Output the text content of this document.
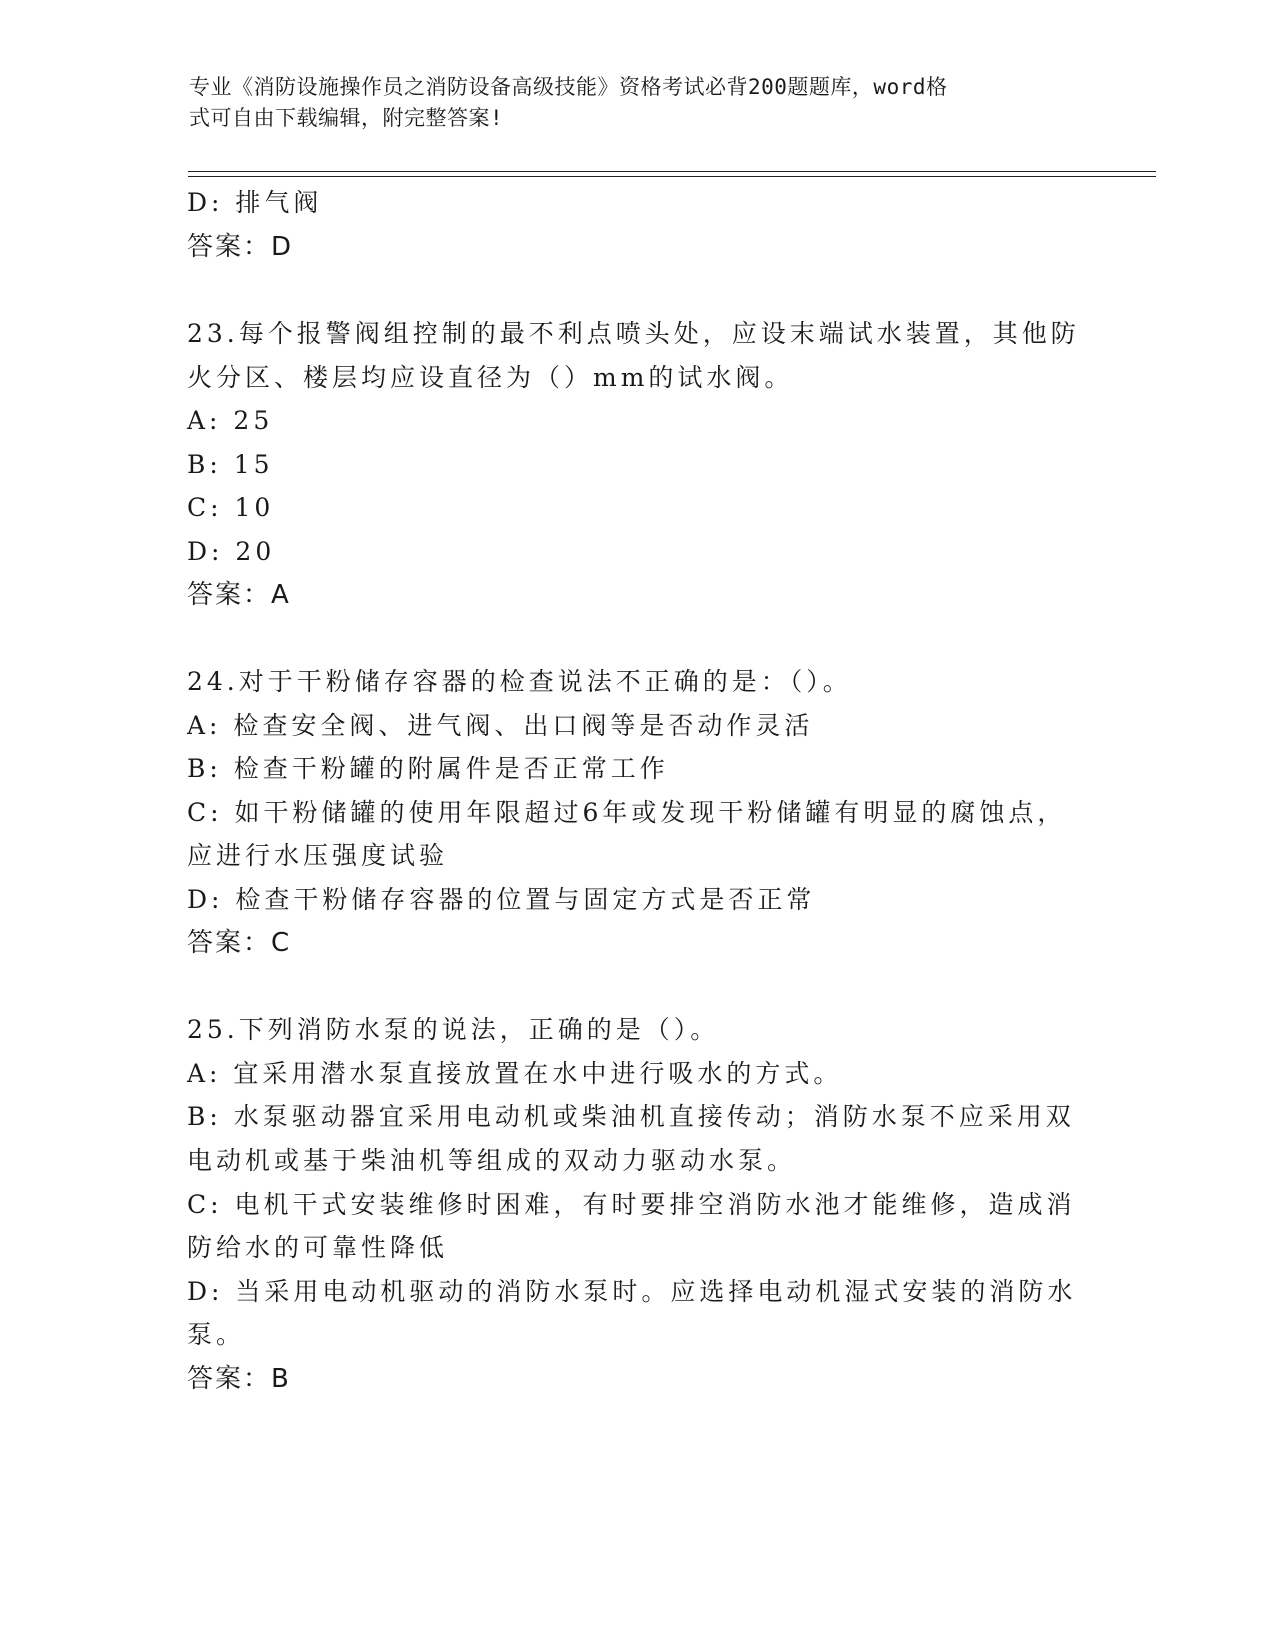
专业《消防设施操作员之消防设备高级技能》资格考试必背200题题库，word格
式可自由下载编辑，附完整答案!
D: 排气阀
答案：D
23.每个报警阀组控制的最不利点喷头处，应设末端试水装置，其他防
火分区、楼层均应设直径为（）mm的试水阀。
A: 25
B: 15
C: 10
D: 20
答案：A
24.对于干粉储存容器的检查说法不正确的是：（）。
A: 检查安全阀、进气阀、出口阀等是否动作灵活
B: 检查干粉罐的附属件是否正常工作
C: 如干粉储罐的使用年限超过6年或发现干粉储罐有明显的腐蚀点，
应进行水压强度试验
D: 检查干粉储存容器的位置与固定方式是否正常
答案：C
25.下列消防水泵的说法，正确的是（）。
A: 宜采用潜水泵直接放置在水中进行吸水的方式。
B: 水泵驱动器宜采用电动机或柴油机直接传动；消防水泵不应采用双
电动机或基于柴油机等组成的双动力驱动水泵。
C: 电机干式安装维修时困难，有时要排空消防水池才能维修，造成消
防给水的可靠性降低
D: 当采用电动机驱动的消防水泵时。应选择电动机湿式安装的消防水
泵。
答案：B
